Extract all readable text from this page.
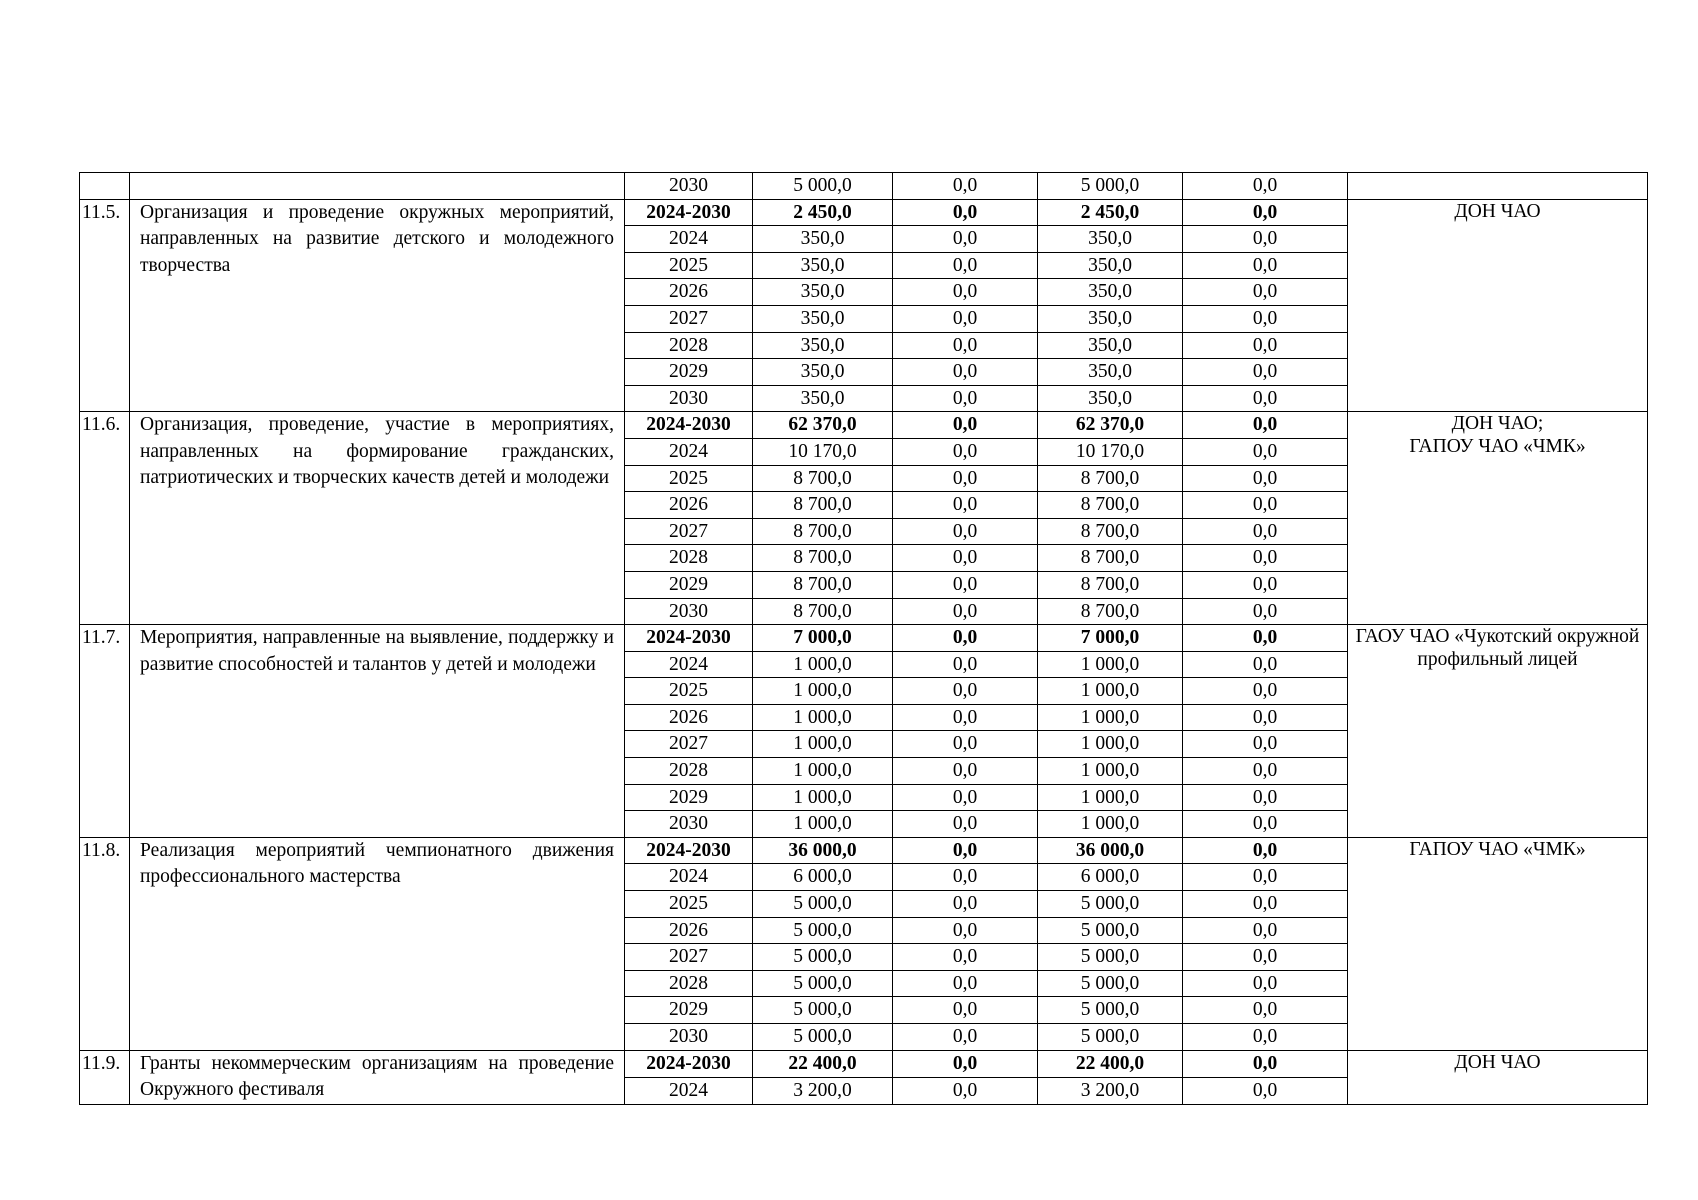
		2030	5 000,0	0,0	5 000,0	0,0	
11.5.	Организация и проведение окружных мероприятий, направленных на развитие детского и молодежного творчества	2024-2030	2 450,0	0,0	2 450,0	0,0	ДОН ЧАО

		2024	350,0	0,0	350,0	0,0	
		2025	350,0	0,0	350,0	0,0	
		2026	350,0	0,0	350,0	0,0	
		2027	350,0	0,0	350,0	0,0	
		2028	350,0	0,0	350,0	0,0	
		2029	350,0	0,0	350,0	0,0	
		2030	350,0	0,0	350,0	0,0	
11.6.	Организация, проведение, участие в мероприятиях, направленных на формирование гражданских, патриотических и творческих качеств детей и молодежи	2024-2030	62 370,0	0,0	62 370,0	0,0	ДОН ЧАО;
ГАПОУ ЧАО «ЧМК»

		2024	10 170,0	0,0	10 170,0	0,0	
		2025	8 700,0	0,0	8 700,0	0,0	
		2026	8 700,0	0,0	8 700,0	0,0	
		2027	8 700,0	0,0	8 700,0	0,0	
		2028	8 700,0	0,0	8 700,0	0,0	
		2029	8 700,0	0,0	8 700,0	0,0	
		2030	8 700,0	0,0	8 700,0	0,0	
11.7.	Мероприятия, направленные на выявление, поддержку и развитие способностей и талантов у детей и молодежи	2024-2030	7 000,0	0,0	7 000,0	0,0	ГАОУ ЧАО «Чукотский окружной профильный лицей

		2024	1 000,0	0,0	1 000,0	0,0	
		2025	1 000,0	0,0	1 000,0	0,0	
		2026	1 000,0	0,0	1 000,0	0,0	
		2027	1 000,0	0,0	1 000,0	0,0	
		2028	1 000,0	0,0	1 000,0	0,0	
		2029	1 000,0	0,0	1 000,0	0,0	
		2030	1 000,0	0,0	1 000,0	0,0	
11.8.	Реализация мероприятий чемпионатного движения профессионального мастерства	2024-2030	36 000,0	0,0	36 000,0	0,0	ГАПОУ ЧАО «ЧМК»

		2024	6 000,0	0,0	6 000,0	0,0	
		2025	5 000,0	0,0	5 000,0	0,0	
		2026	5 000,0	0,0	5 000,0	0,0	
		2027	5 000,0	0,0	5 000,0	0,0	
		2028	5 000,0	0,0	5 000,0	0,0	
		2029	5 000,0	0,0	5 000,0	0,0	
		2030	5 000,0	0,0	5 000,0	0,0	
11.9.	Гранты некоммерческим организациям на проведение Окружного фестиваля	2024-2030	22 400,0	0,0	22 400,0	0,0	ДОН ЧАО

		2024	3 200,0	0,0	3 200,0	0,0	
